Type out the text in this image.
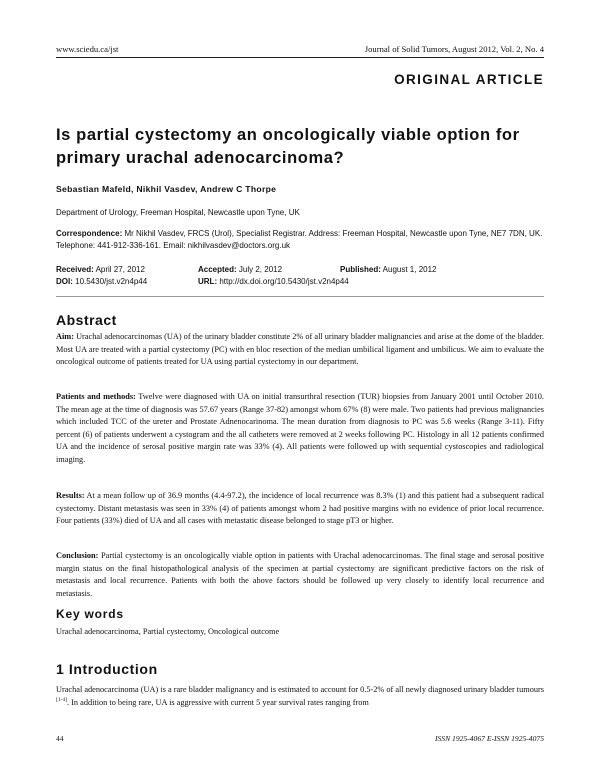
www.sciedu.ca/jst	Journal of Solid Tumors, August 2012, Vol. 2, No. 4
ORIGINAL ARTICLE
Is partial cystectomy an oncologically viable option for primary urachal adenocarcinoma?
Sebastian Mafeld, Nikhil Vasdev, Andrew C Thorpe
Department of Urology, Freeman Hospital, Newcastle upon Tyne, UK
Correspondence: Mr Nikhil Vasdev, FRCS (Urol), Specialist Registrar. Address: Freeman Hospital, Newcastle upon Tyne, NE7 7DN, UK. Telephone: 441-912-336-161. Email: nikhilvasdev@doctors.org.uk
Received: April 27, 2012	Accepted: July 2, 2012	Published: August 1, 2012
DOI: 10.5430/jst.v2n4p44	URL: http://dx.doi.org/10.5430/jst.v2n4p44
Abstract
Aim: Urachal adenocarcinomas (UA) of the urinary bladder constitute 2% of all urinary bladder malignancies and arise at the dome of the bladder. Most UA are treated with a partial cystectomy (PC) with en bloc resection of the median umbilical ligament and umbilicus. We aim to evaluate the oncological outcome of patients treated for UA using partial cystectomy in our department.
Patients and methods: Twelve were diagnosed with UA on initial transurthral resection (TUR) biopsies from January 2001 until October 2010. The mean age at the time of diagnosis was 57.67 years (Range 37-82) amongst whom 67% (8) were male. Two patients had previous malignancies which included TCC of the ureter and Prostate Adnenocarinoma. The mean duration from diagnosis to PC was 5.6 weeks (Range 3-11). Fifty percent (6) of patients underwent a cystogram and the all catheters were removed at 2 weeks following PC. Histology in all 12 patients confirmed UA and the incidence of serosal positive margin rate was 33% (4). All patients were followed up with sequential cystoscopies and radiological imaging.
Results: At a mean follow up of 36.9 months (4.4-97.2), the incidence of local recurrence was 8.3% (1) and this patient had a subsequent radical cystectomy. Distant metastasis was seen in 33% (4) of patients amongst whom 2 had positive margins with no evidence of prior local recurrence. Four patients (33%) died of UA and all cases with metastatic disease belonged to stage pT3 or higher.
Conclusion: Partial cystectomy is an oncologically viable option in patients with Urachal adenocarcinomas. The final stage and serosal positive margin status on the final histopathological analysis of the specimen at partial cystectomy are significant predictive factors on the risk of metastasis and local recurrence. Patients with both the above factors should be followed up very closely to identify local recurrence and metastasis.
Key words
Urachal adenocarcinoma, Partial cystectomy, Oncological outcome
1 Introduction
Urachal adenocarcinoma (UA) is a rare bladder malignancy and is estimated to account for 0.5-2% of all newly diagnosed urinary bladder tumours [1-4]. In addition to being rare, UA is aggressive with current 5 year survival rates ranging from
44	ISSN 1925-4067 E-ISSN 1925-4075
